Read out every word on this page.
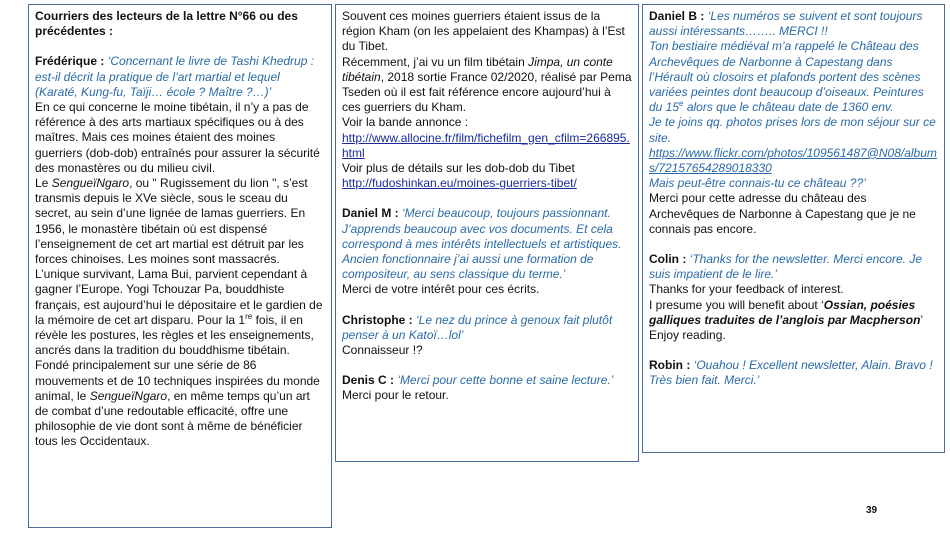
Courriers des lecteurs de la lettre N°66 ou des précédentes :

Frédérique : ‘Concernant le livre de Tashi Khedrup : est-il décrit la pratique de l’art martial et lequel (Karaté, Kung-fu, Taïji… école ? Maître ?…)’

En ce qui concerne le moine tibétain, il n’y a pas de référence à des arts martiaux spécifiques ou à des maîtres. Mais ces moines étaient des moines guerriers (dob-dob) entraînés pour assurer la sécurité des monastères ou du milieu civil.

Le SengueïNgaro, ou " Rugissement du lion ", s’est transmis depuis le XVe siècle, sous le sceau du secret, au sein d’une lignée de lamas guerriers. En 1956, le monastère tibétain où est dispensé l’enseignement de cet art martial est détruit par les forces chinoises. Les moines sont massacrés. L’unique survivant, Lama Bui, parvient cependant à gagner l’Europe. Yogi Tchouzar Pa, bouddhiste français, est aujourd’hui le dépositaire et le gardien de la mémoire de cet art disparu. Pour la 1re fois, il en révèle les postures, les règles et les enseignements, ancrés dans la tradition du bouddhisme tibétain. Fondé principalement sur une série de 86 mouvements et de 10 techniques inspirées du monde animal, le SengueïNgaro, en même temps qu’un art de combat d’une redoutable efficacité, offre une philosophie de vie dont sont à même de bénéficier tous les Occidentaux.

Souvent ces moines guerriers étaient issus de la région Kham (on les appelaient des Khampas) à l’Est du Tibet.

Récemment, j’ai vu un film tibétain Jimpa, un conte tibétain, 2018 sortie France 02/2020, réalisé par Pema Tseden où il est fait référence encore aujourd’hui à ces guerriers du Kham.

Voir la bande annonce :

http://www.allocine.fr/film/fichefilm_gen_cfilm=266895.html

Voir plus de détails sur les dob-dob du Tibet

http://fudoshinkan.eu/moines-guerriers-tibet/

Daniel M : ‘Merci beaucoup, toujours passionnant. J’apprends beaucoup avec vos documents. Et cela correspond à mes intérêts intellectuels et artistiques. Ancien fonctionnaire j’ai aussi une formation de compositeur, au sens classique du terme.’

Merci de votre intérêt pour ces écrits.

Christophe : ‘Le nez du prince à genoux fait plutôt penser à un Katoï…lol’

Connaisseur !?

Denis C : ‘Merci pour cette bonne et saine lecture.’

Merci pour le retour.

Daniel B : ‘Les numéros se suivent et sont toujours aussi intéressants…….. MERCI !!

Ton bestiaire médiéval m’a rappelé le Château des Archevêques de Narbonne à Capestang dans l’Hérault où closoirs et plafonds portent des scènes variées peintes dont beaucoup d’oiseaux. Peintures du 15e alors que le château date de 1360 env.

Je te joins qq. photos prises lors de mon séjour sur ce site.

https://www.flickr.com/photos/109561487@N08/albums/72157654289018330

Mais peut-être connais-tu ce château ??’

Merci pour cette adresse du château des Archevêques de Narbonne à Capestang que je ne connais pas encore.

Colin : ‘Thanks for the newsletter. Merci encore. Je suis impatient de le lire.’

Thanks for your feedback of interest.

I presume you will benefit about ‘Ossian, poésies galliques traduites de l’anglois par Macpherson’

Enjoy reading.

Robin : ‘Ouahou ! Excellent newsletter, Alain. Bravo ! Très bien fait. Merci.’

39
